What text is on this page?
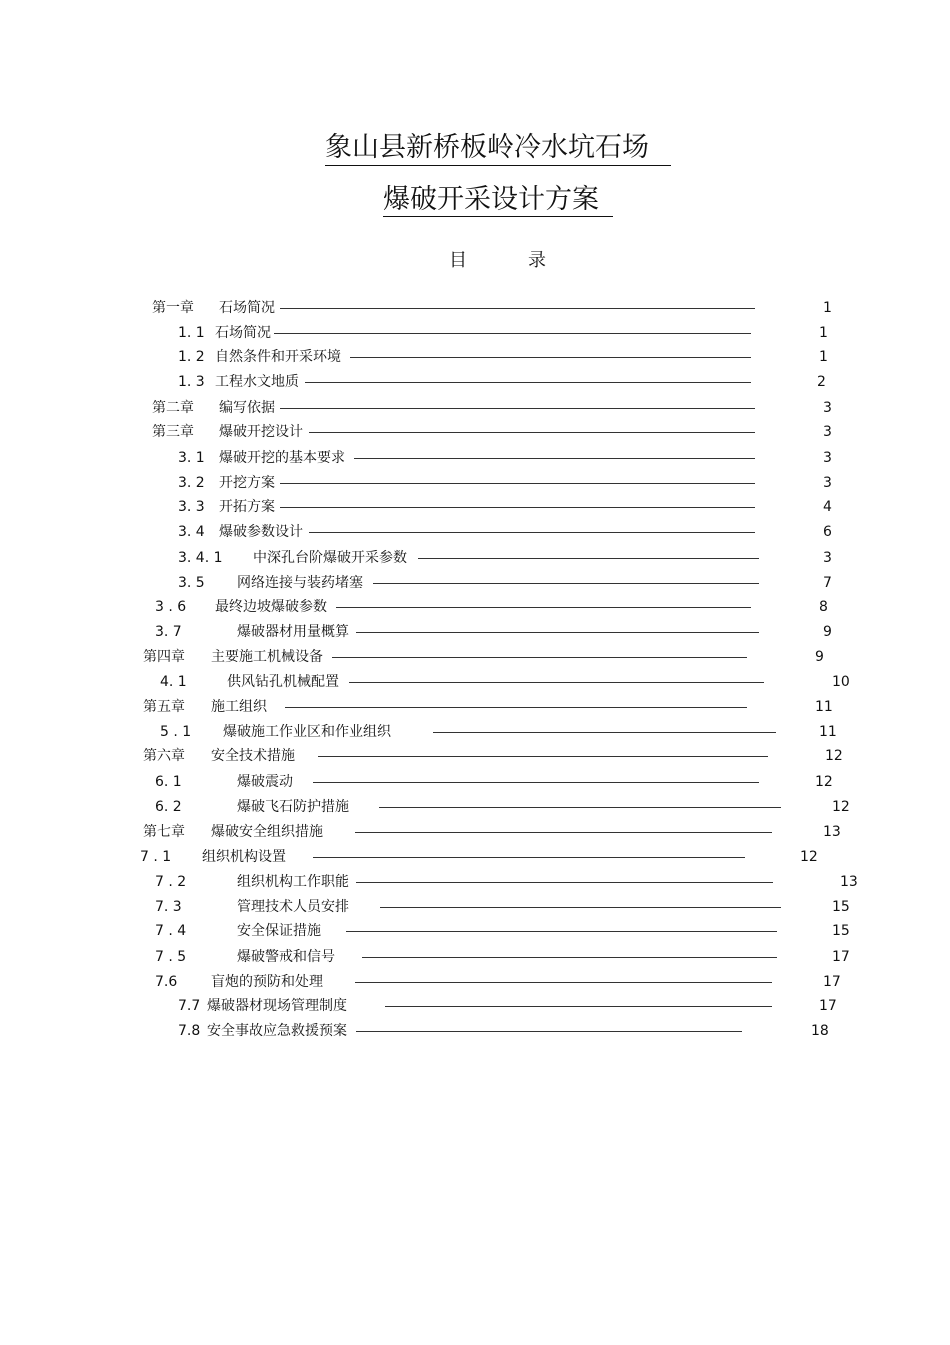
象山县新桥板岭冷水坑石场
爆破开采设计方案
目	录
第一章 石场简况	1
1. 1 石场简况	1
1. 2 自然条件和开采环境	1
1. 3 工程水文地质	2
第二章 编写依据	3
第三章 爆破开挖设计	3
3. 1 爆破开挖的基本要求	3
3. 2 开挖方案	3
3. 3 开拓方案	4
3. 4 爆破参数设计	6
3. 4. 1 中深孔台阶爆破开采参数	3
3. 5 网络连接与装药堵塞	7
3 . 6 最终边坡爆破参数	8
3. 7	爆破器材用量概算	9
第四章 主要施工机械设备	9
4. 1	供风钻孔机械配置	10
第五章 施工组织	11
5 . 1 爆破施工作业区和作业组织	11
第六章 安全技术措施	12
6. 1	爆破震动	12
6. 2	爆破飞石防护措施	12
第七章 爆破安全组织措施	13
7 . 1 组织机构设置	12
7 . 2	组织机构工作职能	13
7. 3	管理技术人员安排	15
7 . 4	安全保证措施	15
7 . 5	爆破警戒和信号	17
7.6 盲炮的预防和处理	17
7.7 爆破器材现场管理制度	17
7.8 安全事故应急救援预案	18
